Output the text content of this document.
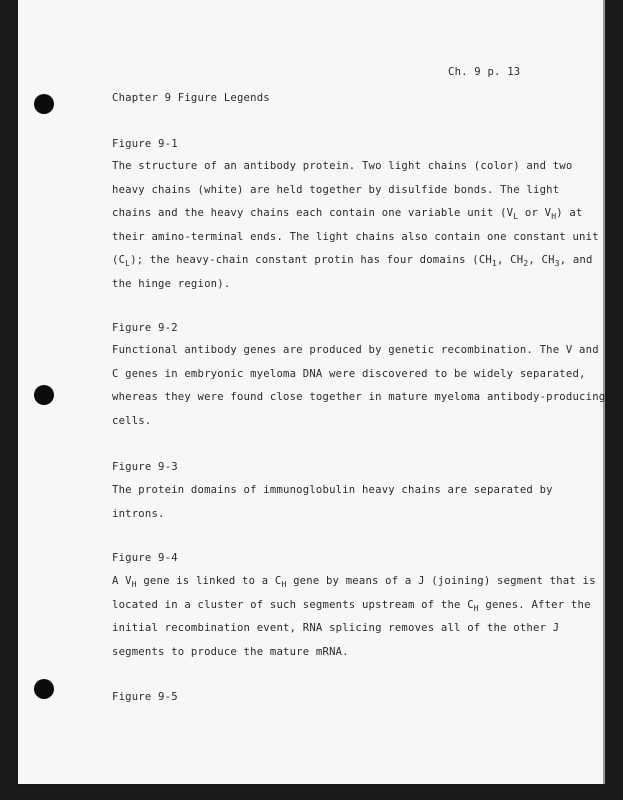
Ch. 9 p. 13
Chapter 9 Figure Legends
Figure 9-1
The structure of an antibody protein. Two light chains (color) and two
heavy chains (white) are held together by disulfide bonds. The light
chains and the heavy chains each contain one variable unit ($V_L$ or $V_H$) at
their amino-terminal ends. The light chains also contain one constant unit
$(C_L)$; the heavy-chain constant protin has four domains ($CH_1$, $CH_2$, $CH_3$, and
the hinge region).
Figure 9-2
Functional antibody genes are produced by genetic recombination. The V and
C genes in embryonic myeloma DNA were discovered to be widely separated,
whereas they were found close together in mature myeloma antibody-producing
cells.
Figure 9-3
The protein domains of immunoglobulin heavy chains are separated by
introns.
Figure 9-4
A $V_H$ gene is linked to a $C_H$ gene by means of a J (joining) segment that is
located in a cluster of such segments upstream of the $C_H$ genes. After the
initial recombination event, RNA splicing removes all of the other J
segments to produce the mature mRNA.
Figure 9-5
